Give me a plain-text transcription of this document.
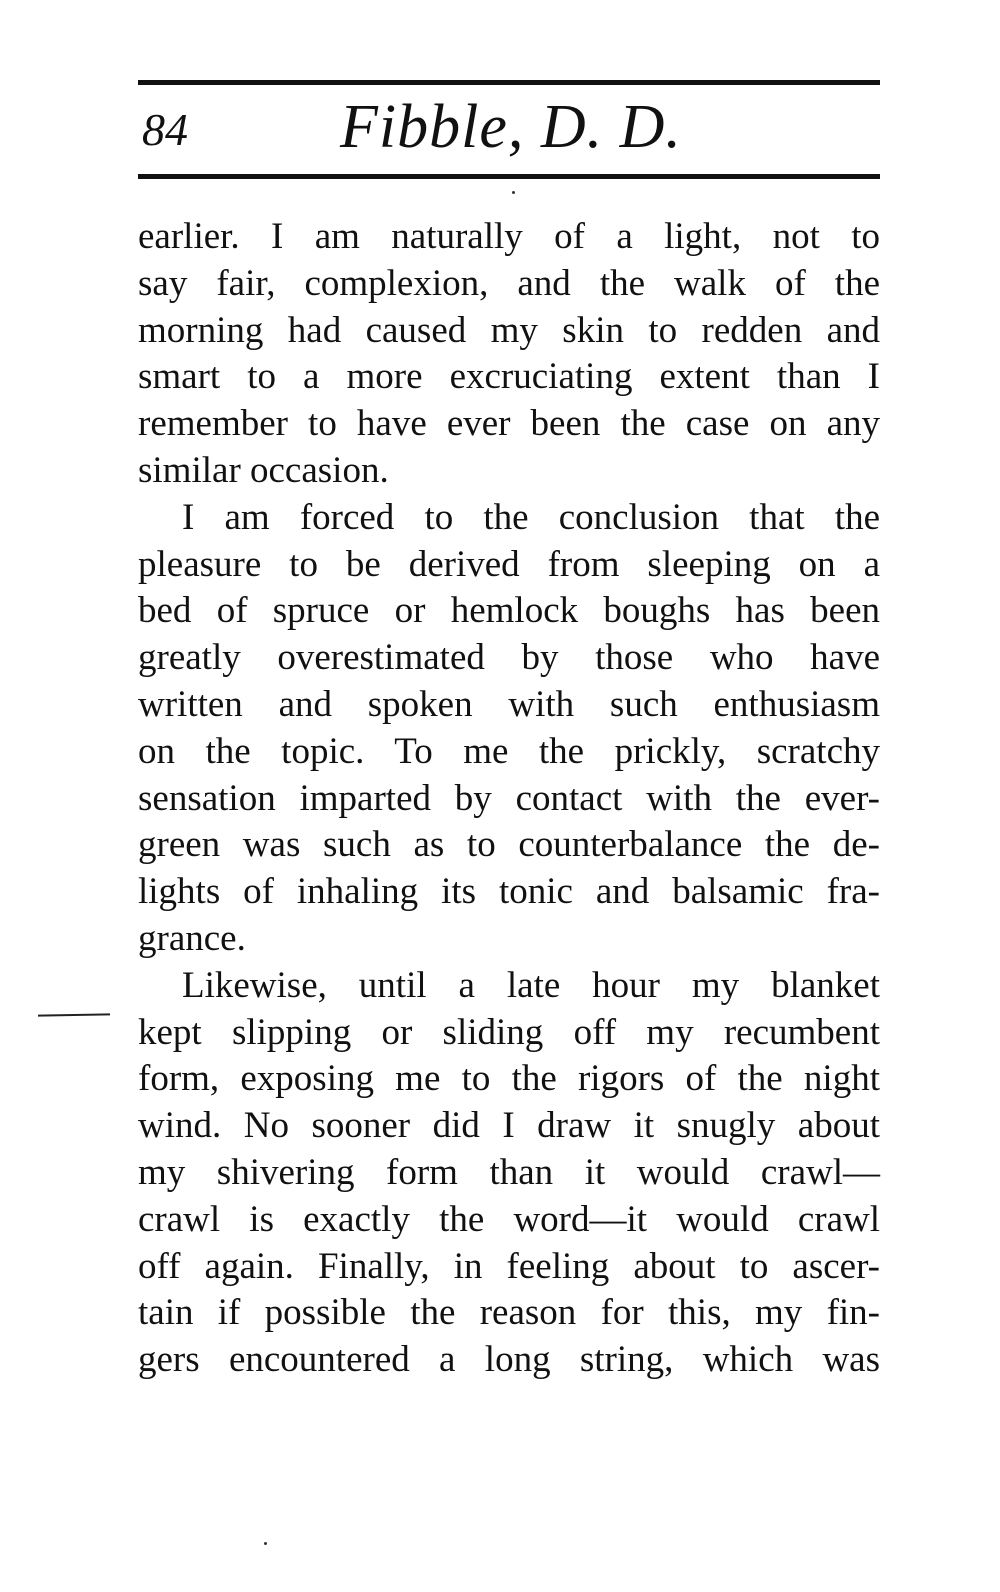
84 Fibble, D. D.
earlier. I am naturally of a light, not to
say fair, complexion, and the walk of the
morning had caused my skin to redden and
smart to a more excruciating extent than I
remember to have ever been the case on any
similar occasion.
I am forced to the conclusion that the
pleasure to be derived from sleeping on a
bed of spruce or hemlock boughs has been
greatly overestimated by those who have
written and spoken with such enthusiasm
on the topic. To me the prickly, scratchy
sensation imparted by contact with the ever-
green was such as to counterbalance the de-
lights of inhaling its tonic and balsamic fra-
grance.
Likewise, until a late hour my blanket
kept slipping or sliding off my recumbent
form, exposing me to the rigors of the night
wind. No sooner did I draw it snugly about
my shivering form than it would crawl—
crawl is exactly the word—it would crawl
off again. Finally, in feeling about to ascer-
tain if possible the reason for this, my fin-
gers encountered a long string, which was
